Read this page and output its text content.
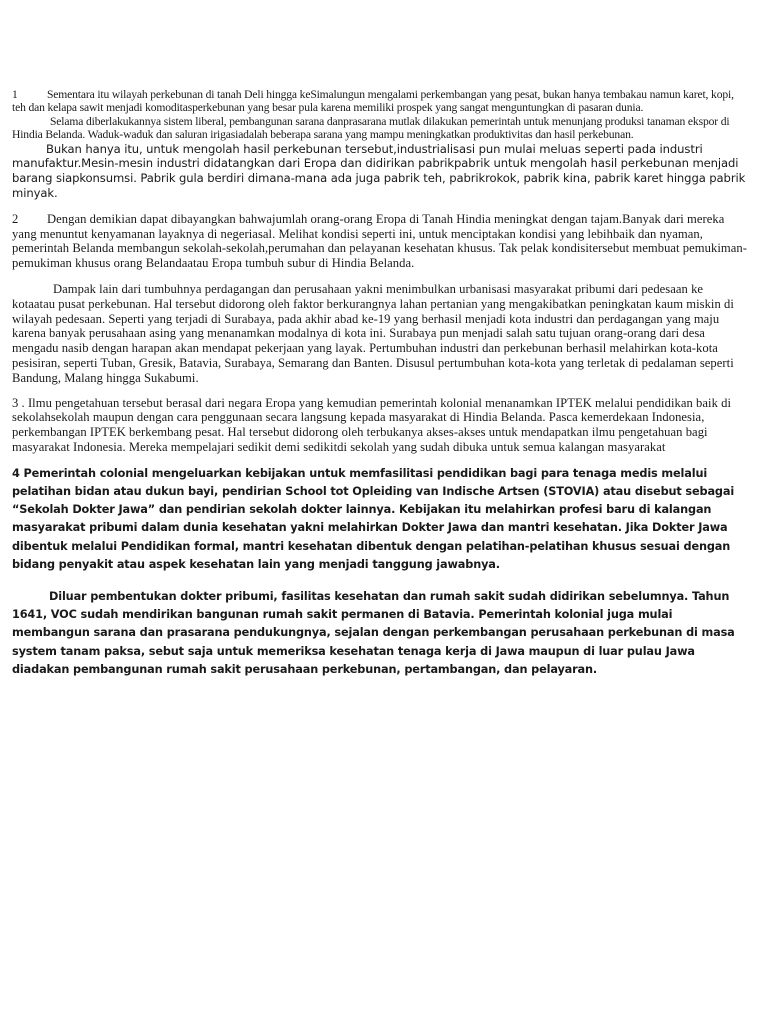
1	Sementara itu wilayah perkebunan di tanah Deli hingga keSimalungun mengalami perkembangan yang pesat, bukan hanya tembakau namun karet, kopi, teh dan kelapa sawit menjadi komoditasperkebunan yang besar pula karena memiliki prospek yang sangat menguntungkan di pasaran dunia.

Selama diberlakukannya sistem liberal, pembangunan sarana danprasarana mutlak dilakukan pemerintah untuk menunjang produksi tanaman ekspor di Hindia Belanda. Waduk-waduk dan saluran irigasiadalah beberapa sarana yang mampu meningkatkan produktivitas dan hasil perkebunan.

Bukan hanya itu, untuk mengolah hasil perkebunan tersebut,industrialisasi pun mulai meluas seperti pada industri manufaktur.Mesin-mesin industri didatangkan dari Eropa dan didirikan pabrikpabrik untuk mengolah hasil perkebunan menjadi barang siapkonsumsi. Pabrik gula berdiri dimana-mana ada juga pabrik teh, pabrikrokok, pabrik kina, pabrik karet hingga pabrik minyak.

2 Dengan demikian dapat dibayangkan bahwajumlah orang-orang Eropa di Tanah Hindia meningkat dengan tajam.Banyak dari mereka yang menuntut kenyamanan layaknya di negeriasal. Melihat kondisi seperti ini, untuk menciptakan kondisi yang lebihbaik dan nyaman, pemerintah Belanda membangun sekolah-sekolah,perumahan dan pelayanan kesehatan khusus. Tak pelak kondisitersebut membuat pemukiman-pemukiman khusus orang Belandaatau Eropa tumbuh subur di Hindia Belanda.

Dampak lain dari tumbuhnya perdagangan dan perusahaan yakni menimbulkan urbanisasi masyarakat pribumi dari pedesaan ke kotaatau pusat perkebunan. Hal tersebut didorong oleh faktor berkurangnya lahan pertanian yang mengakibatkan peningkatan kaum miskin di wilayah pedesaan. Seperti yang terjadi di Surabaya, pada akhir abad ke-19 yang berhasil menjadi kota industri dan perdagangan yang maju karena banyak perusahaan asing yang menanamkan modalnya di kota ini. Surabaya pun menjadi salah satu tujuan orang-orang dari desa mengadu nasib dengan harapan akan mendapat pekerjaan yang layak. Pertumbuhan industri dan perkebunan berhasil melahirkan kota-kota pesisiran, seperti Tuban, Gresik, Batavia, Surabaya, Semarang dan Banten. Disusul pertumbuhan kota-kota yang terletak di pedalaman seperti Bandung, Malang hingga Sukabumi.

3 . Ilmu pengetahuan tersebut berasal dari negara Eropa yang kemudian pemerintah kolonial menanamkan IPTEK melalui pendidikan baik di sekolahsekolah maupun dengan cara penggunaan secara langsung kepada masyarakat di Hindia Belanda. Pasca kemerdekaan Indonesia, perkembangan IPTEK berkembang pesat. Hal tersebut didorong oleh terbukanya akses-akses untuk mendapatkan ilmu pengetahuan bagi masyarakat Indonesia. Mereka mempelajari sedikit demi sedikitdi sekolah yang sudah dibuka untuk semua kalangan masyarakat

4 Pemerintah colonial mengeluarkan kebijakan untuk memfasilitasi pendidikan bagi para tenaga medis melalui pelatihan bidan atau dukun bayi, pendirian School tot Opleiding van Indische Artsen (STOVIA) atau disebut sebagai “Sekolah Dokter Jawa” dan pendirian sekolah dokter lainnya. Kebijakan itu melahirkan profesi baru di kalangan masyarakat pribumi dalam dunia kesehatan yakni melahirkan Dokter Jawa dan mantri kesehatan. Jika Dokter Jawa dibentuk melalui Pendidikan formal, mantri kesehatan dibentuk dengan pelatihan-pelatihan khusus sesuai dengan bidang penyakit atau aspek kesehatan lain yang menjadi tanggung jawabnya.

Diluar pembentukan dokter pribumi, fasilitas kesehatan dan rumah sakit sudah didirikan sebelumnya. Tahun 1641, VOC sudah mendirikan bangunan rumah sakit permanen di Batavia. Pemerintah kolonial juga mulai membangun sarana dan prasarana pendukungnya, sejalan dengan perkembangan perusahaan perkebunan di masa system tanam paksa, sebut saja untuk memeriksa kesehatan tenaga kerja di Jawa maupun di luar pulau Jawa diadakan pembangunan rumah sakit perusahaan perkebunan, pertambangan, dan pelayaran.
